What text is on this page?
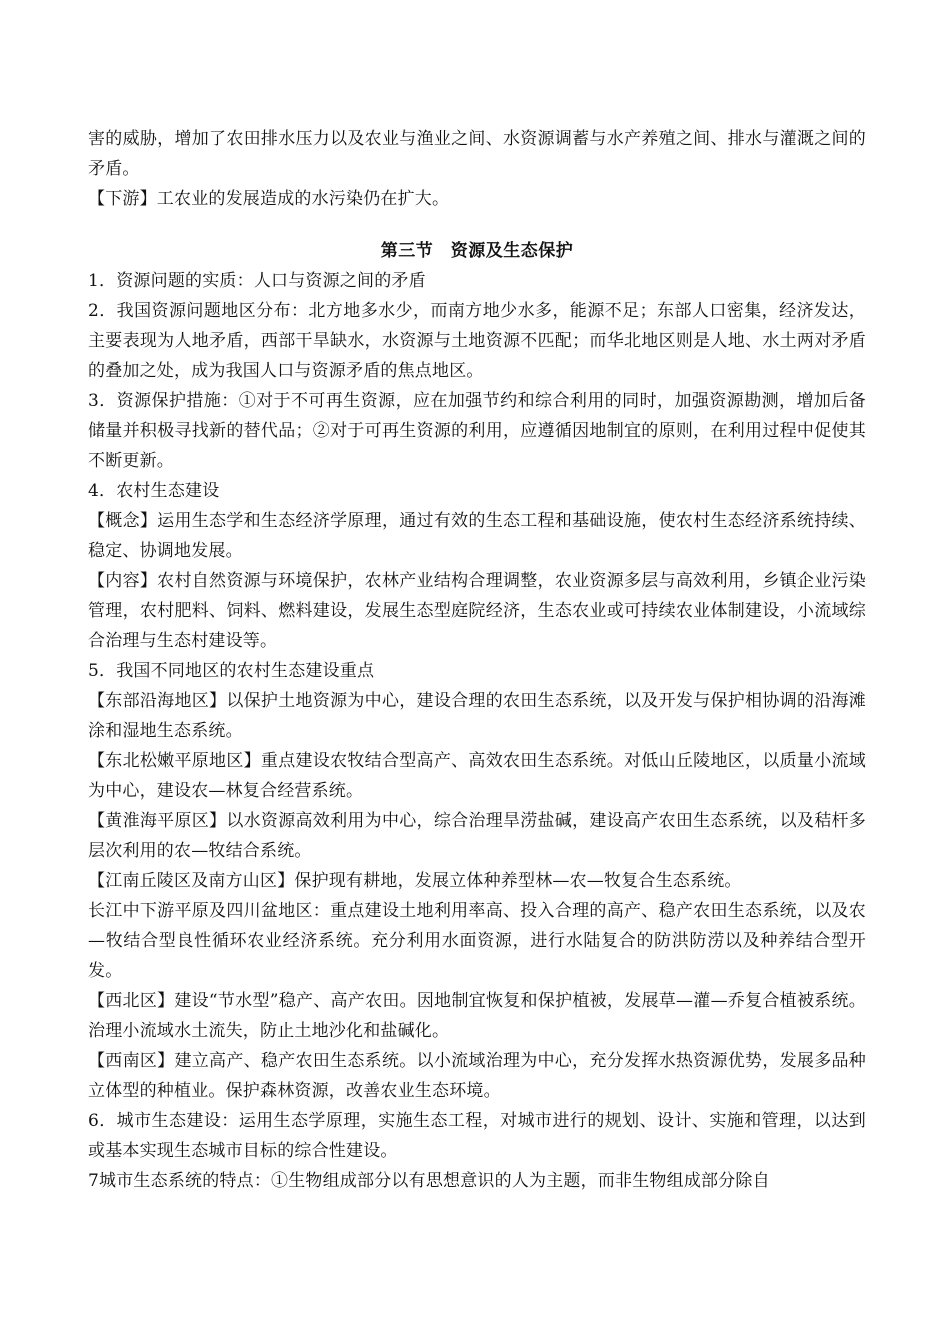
害的威胁，增加了农田排水压力以及农业与渔业之间、水资源调蓄与水产养殖之间、排水与灌溉之间的矛盾。

【下游】工农业的发展造成的水污染仍在扩大。

第三节　资源及生态保护

1．资源问题的实质：人口与资源之间的矛盾

2．我国资源问题地区分布：北方地多水少，而南方地少水多，能源不足；东部人口密集，经济发达，主要表现为人地矛盾，西部干旱缺水，水资源与土地资源不匹配；而华北地区则是人地、水土两对矛盾的叠加之处，成为我国人口与资源矛盾的焦点地区。

3．资源保护措施：①对于不可再生资源，应在加强节约和综合利用的同时，加强资源勘测，增加后备储量并积极寻找新的替代品；②对于可再生资源的利用，应遵循因地制宜的原则，在利用过程中促使其不断更新。

4．农村生态建设

【概念】运用生态学和生态经济学原理，通过有效的生态工程和基础设施，使农村生态经济系统持续、稳定、协调地发展。

【内容】农村自然资源与环境保护，农林产业结构合理调整，农业资源多层与高效利用，乡镇企业污染管理，农村肥料、饲料、燃料建设，发展生态型庭院经济，生态农业或可持续农业体制建设，小流域综合治理与生态村建设等。

5．我国不同地区的农村生态建设重点

【东部沿海地区】以保护土地资源为中心，建设合理的农田生态系统，以及开发与保护相协调的沿海滩涂和湿地生态系统。

【东北松嫩平原地区】重点建设农牧结合型高产、高效农田生态系统。对低山丘陵地区，以质量小流域为中心，建设农—林复合经营系统。

【黄淮海平原区】以水资源高效利用为中心，综合治理旱涝盐碱，建设高产农田生态系统，以及秸杆多层次利用的农—牧结合系统。

【江南丘陵区及南方山区】保护现有耕地，发展立体种养型林—农—牧复合生态系统。

长江中下游平原及四川盆地区：重点建设土地利用率高、投入合理的高产、稳产农田生态系统，以及农—牧结合型良性循环农业经济系统。充分利用水面资源，进行水陆复合的防洪防涝以及种养结合型开发。

【西北区】建设“节水型”稳产、高产农田。因地制宜恢复和保护植被，发展草—灌—乔复合植被系统。治理小流域水土流失，防止土地沙化和盐碱化。

【西南区】建立高产、稳产农田生态系统。以小流域治理为中心，充分发挥水热资源优势，发展多品种立体型的种植业。保护森林资源，改善农业生态环境。

6．城市生态建设：运用生态学原理，实施生态工程，对城市进行的规划、设计、实施和管理，以达到或基本实现生态城市目标的综合性建设。

7城市生态系统的特点：①生物组成部分以有思想意识的人为主题，而非生物组成部分除自
